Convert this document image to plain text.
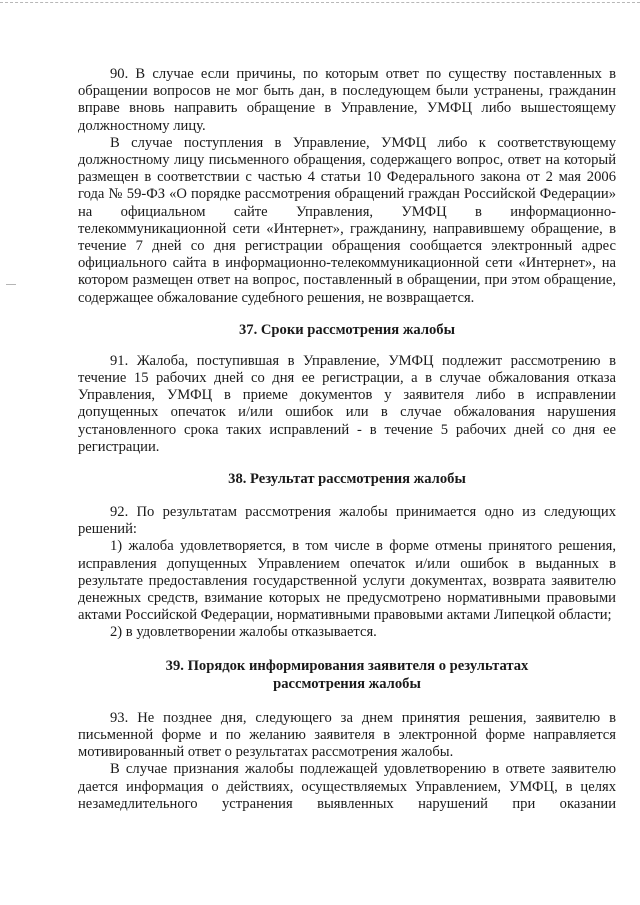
90. В случае если причины, по которым ответ по существу поставленных в обращении вопросов не мог быть дан, в последующем были устранены, гражданин вправе вновь направить обращение в Управление, УМФЦ либо вышестоящему должностному лицу.

В случае поступления в Управление, УМФЦ либо к соответствующему должностному лицу письменного обращения, содержащего вопрос, ответ на который размещен в соответствии с частью 4 статьи 10 Федерального закона от 2 мая 2006 года № 59-ФЗ «О порядке рассмотрения обращений граждан Российской Федерации» на официальном сайте Управления, УМФЦ в информационно-телекоммуникационной сети «Интернет», гражданину, направившему обращение, в течение 7 дней со дня регистрации обращения сообщается электронный адрес официального сайта в информационно-телекоммуникационной сети «Интернет», на котором размещен ответ на вопрос, поставленный в обращении, при этом обращение, содержащее обжалование судебного решения, не возвращается.

37. Сроки рассмотрения жалобы

91. Жалоба, поступившая в Управление, УМФЦ подлежит рассмотрению в течение 15 рабочих дней со дня ее регистрации, а в случае обжалования отказа Управления, УМФЦ в приеме документов у заявителя либо в исправлении допущенных опечаток и/или ошибок или в случае обжалования нарушения установленного срока таких исправлений - в течение 5 рабочих дней со дня ее регистрации.

38. Результат рассмотрения жалобы

92. По результатам рассмотрения жалобы принимается одно из следующих решений:

1) жалоба удовлетворяется, в том числе в форме отмены принятого решения, исправления допущенных Управлением опечаток и/или ошибок в выданных в результате предоставления государственной услуги документах, возврата заявителю денежных средств, взимание которых не предусмотрено нормативными правовыми актами Российской Федерации, нормативными правовыми актами Липецкой области;

2) в удовлетворении жалобы отказывается.

39. Порядок информирования заявителя о результатах

рассмотрения жалобы

93. Не позднее дня, следующего за днем принятия решения, заявителю в письменной форме и по желанию заявителя в электронной форме направляется мотивированный ответ о результатах рассмотрения жалобы.

В случае признания жалобы подлежащей удовлетворению в ответе заявителю дается информация о действиях, осуществляемых Управлением, УМФЦ, в целях незамедлительного устранения выявленных нарушений при оказании
